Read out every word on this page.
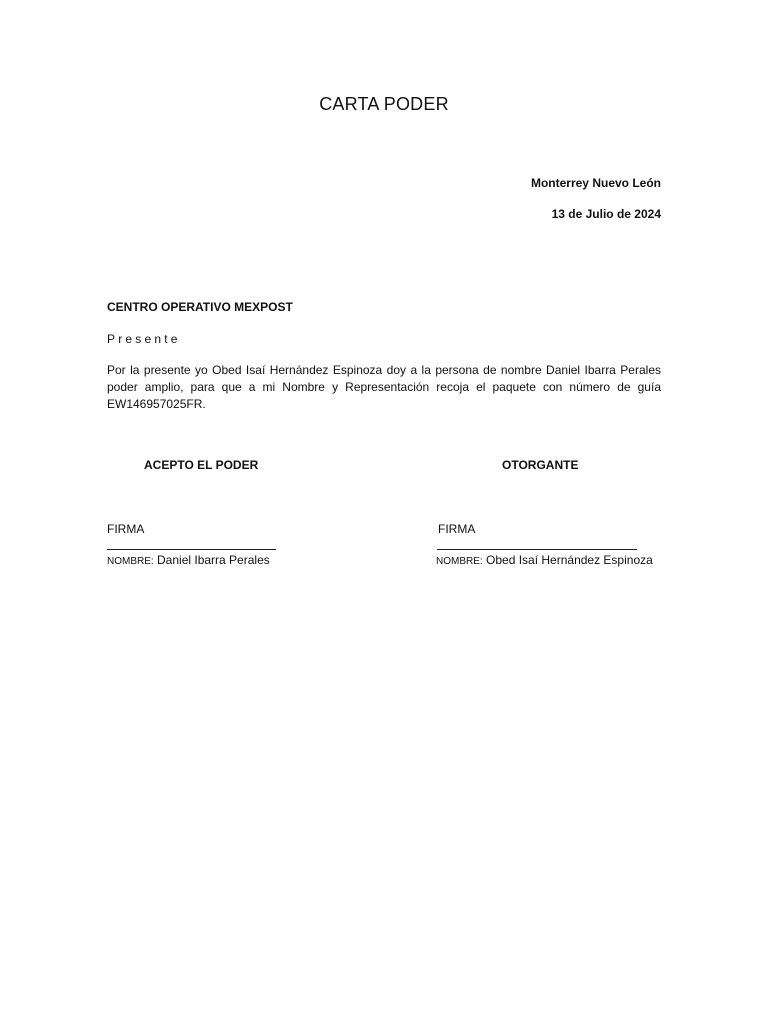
CARTA PODER
Monterrey Nuevo León
13 de Julio de 2024
CENTRO OPERATIVO MEXPOST
Presente
Por la presente yo Obed Isaí Hernández Espinoza doy a la persona de nombre Daniel Ibarra Perales poder amplio, para que a mi Nombre y Representación recoja el paquete con número de guía EW146957025FR.
ACEPTO EL PODER	OTORGANTE
FIRMA	FIRMA
NOMBRE: Daniel Ibarra Perales	NOMBRE: Obed Isaí Hernández Espinoza
